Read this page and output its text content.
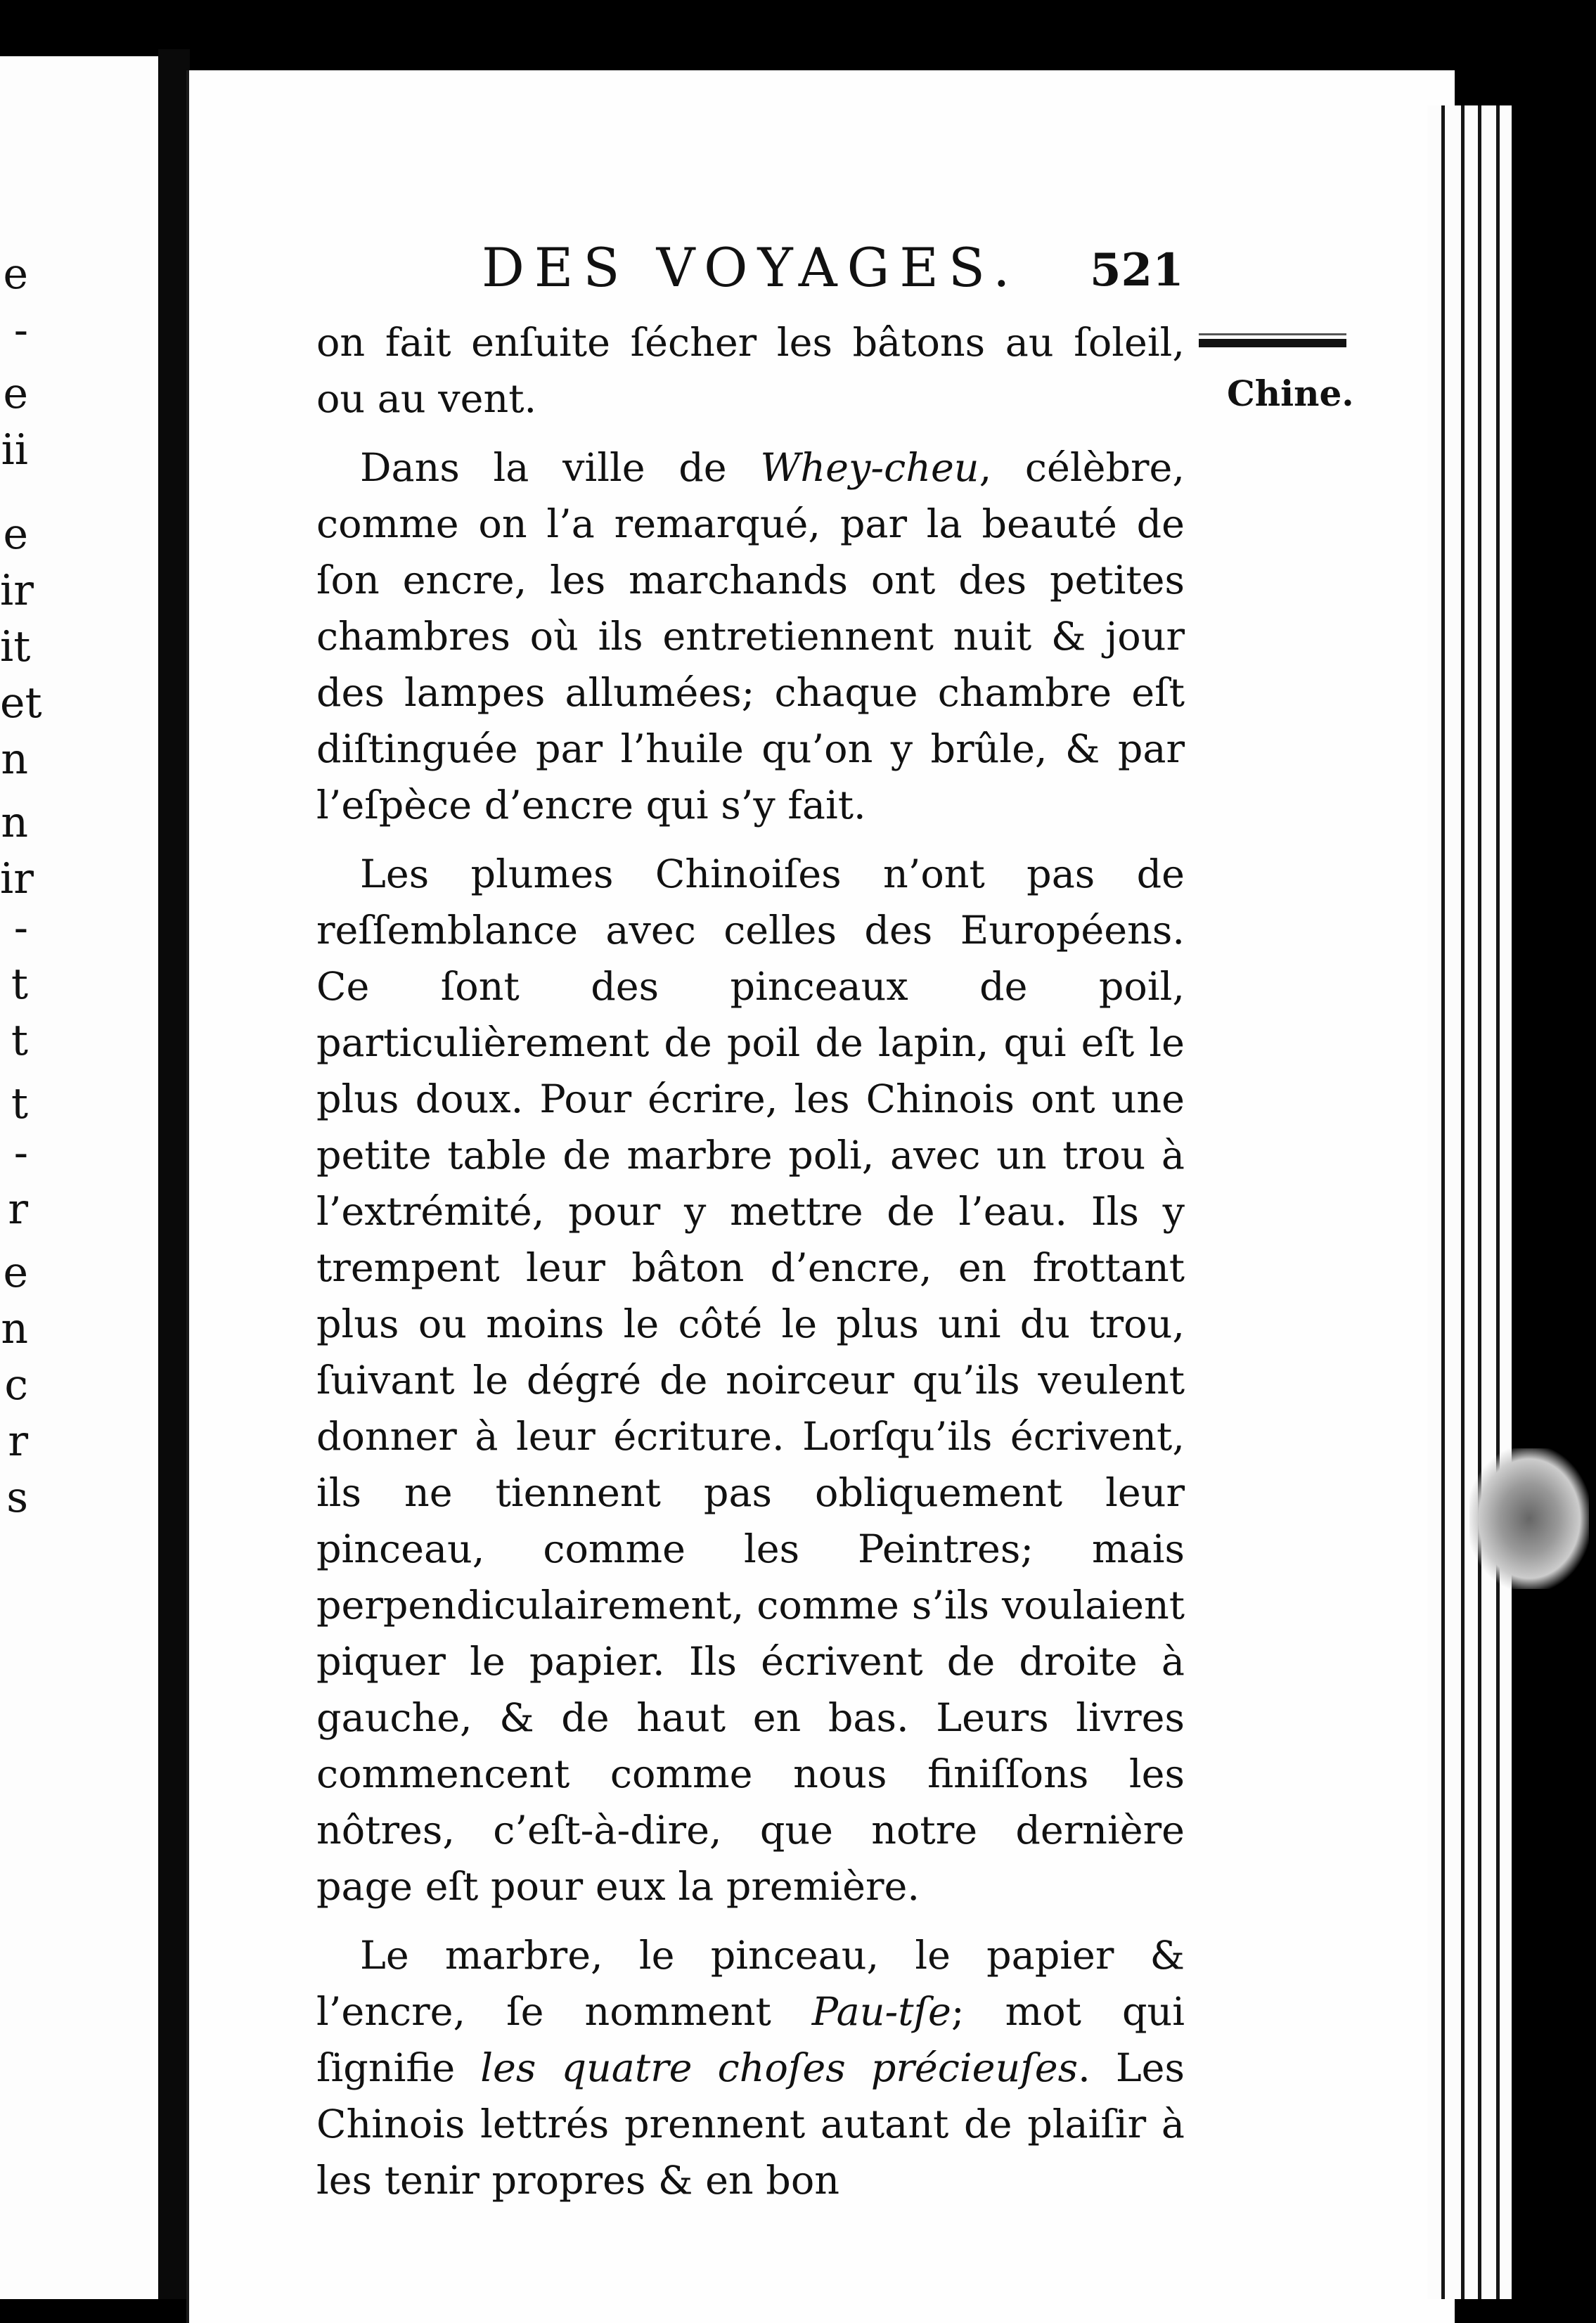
e
-
e
ii
e
ir
it
et
n
n
ir
-
t
t
t
-
r
e
n
c
r
s
DES VOYAGES. 521
Chine.

on fait enſuite ſécher les bâtons au ſoleil, ou au vent.

Dans la ville de Whey-cheu, célèbre, comme on l’a remarqué, par la beauté de ſon encre, les marchands ont des petites chambres où ils entretiennent nuit & jour des lampes allumées; chaque chambre eſt diſtinguée par l’huile qu’on y brûle, & par l’eſpèce d’encre qui s’y fait.

Les plumes Chinoiſes n’ont pas de reſſemblance avec celles des Européens. Ce ſont des pinceaux de poil, particulièrement de poil de lapin, qui eſt le plus doux. Pour écrire, les Chinois ont une petite table de marbre poli, avec un trou à l’extrémité, pour y mettre de l’eau. Ils y trempent leur bâton d’encre, en frottant plus ou moins le côté le plus uni du trou, ſuivant le dégré de noirceur qu’ils veulent donner à leur écriture. Lorſqu’ils écrivent, ils ne tiennent pas obliquement leur pinceau, comme les Peintres; mais perpendiculairement, comme s’ils voulaient piquer le papier. Ils écrivent de droite à gauche, & de haut en bas. Leurs livres commencent comme nous finiſſons les nôtres, c’eſt-à-dire, que notre dernière page eſt pour eux la première.

Le marbre, le pinceau, le papier & l’encre, ſe nomment Pau-tſe; mot qui ſignifie les quatre choſes précieuſes. Les Chinois lettrés prennent autant de plaiſir à les tenir propres & en bon
